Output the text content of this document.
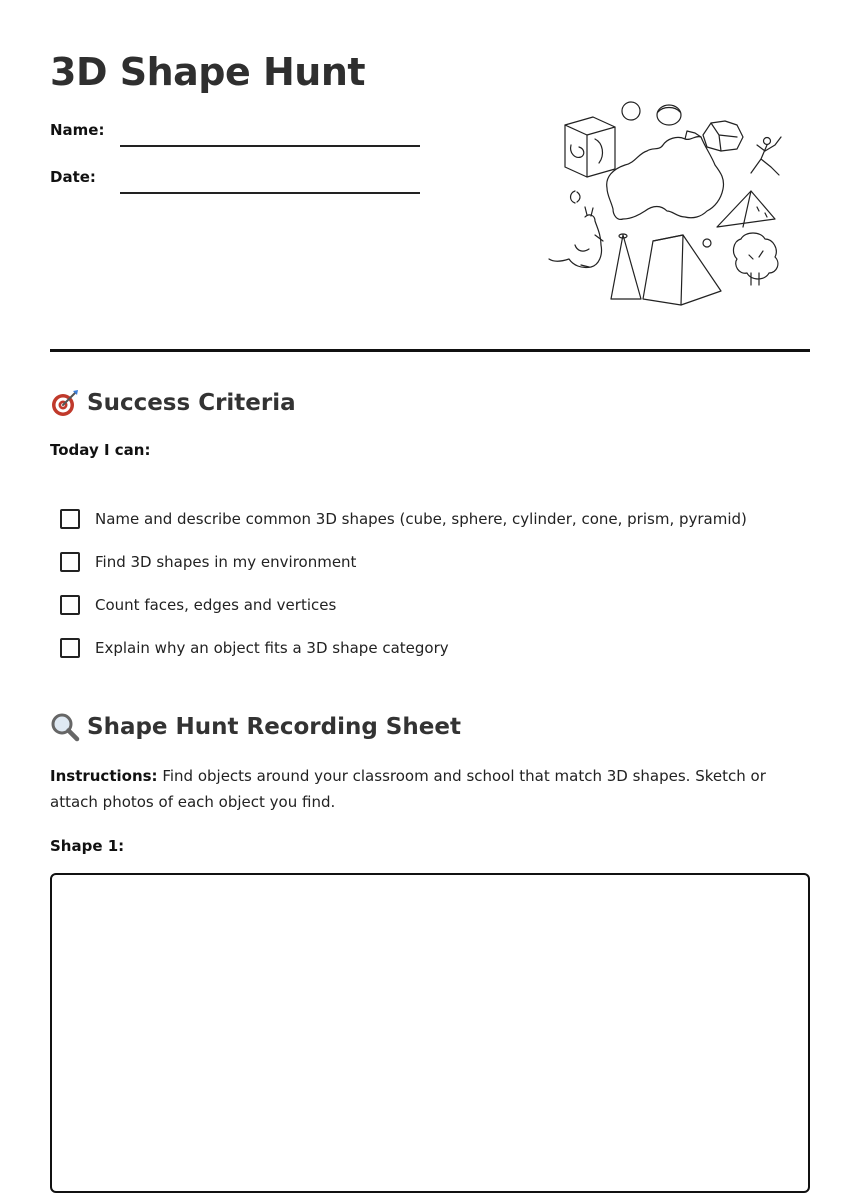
3D Shape Hunt
Name:
Date:
Success Criteria
Today I can:
Name and describe common 3D shapes (cube, sphere, cylinder, cone, prism, pyramid)
Find 3D shapes in my environment
Count faces, edges and vertices
Explain why an object fits a 3D shape category
Shape Hunt Recording Sheet

Instructions: Find objects around your classroom and school that match 3D shapes. Sketch or attach photos of each object you find.

Shape 1:
